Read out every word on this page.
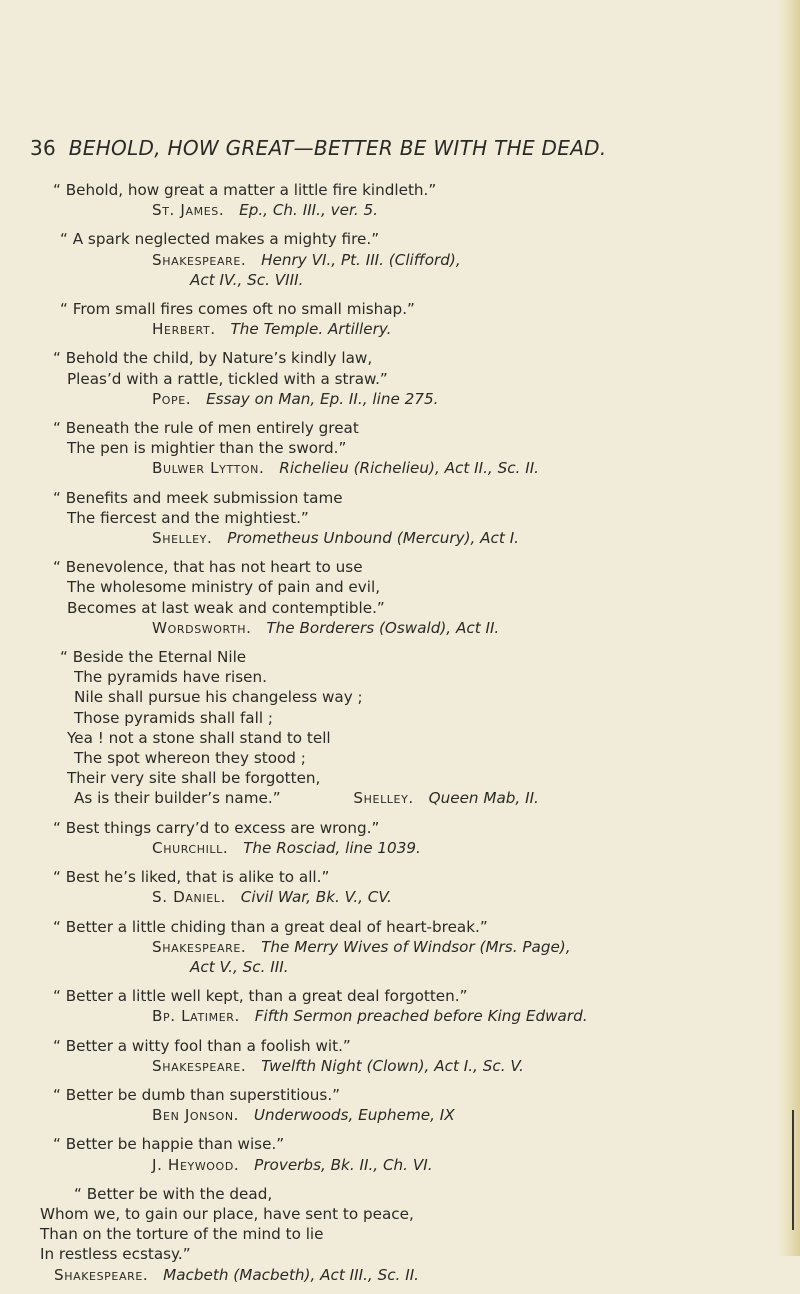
36 BEHOLD, HOW GREAT—BETTER BE WITH THE DEAD.
“ Behold, how great a matter a little fire kindleth.”
St. James. Ep., Ch. III., ver. 5.
“ A spark neglected makes a mighty fire.”
Shakespeare. Henry VI., Pt. III. (Clifford),
Act IV., Sc. VIII.
“ From small fires comes oft no small mishap.”
Herbert. The Temple. Artillery.
“ Behold the child, by Nature’s kindly law,
Pleas’d with a rattle, tickled with a straw.”
Pope. Essay on Man, Ep. II., line 275.
“ Beneath the rule of men entirely great
The pen is mightier than the sword.”
Bulwer Lytton. Richelieu (Richelieu), Act II., Sc. II.
“ Benefits and meek submission tame
The fiercest and the mightiest.”
Shelley. Prometheus Unbound (Mercury), Act I.
“ Benevolence, that has not heart to use
The wholesome ministry of pain and evil,
Becomes at last weak and contemptible.”
Wordsworth. The Borderers (Oswald), Act II.
“ Beside the Eternal Nile
The pyramids have risen.
Nile shall pursue his changeless way ;
Those pyramids shall fall ;
Yea ! not a stone shall stand to tell
The spot whereon they stood ;
Their very site shall be forgotten,
As is their builder’s name.”	Shelley. Queen Mab, II.
“ Best things carry’d to excess are wrong.”
Churchill. The Rosciad, line 1039.
“ Best he’s liked, that is alike to all.”
S. Daniel. Civil War, Bk. V., CV.
“ Better a little chiding than a great deal of heart-break.”
Shakespeare. The Merry Wives of Windsor (Mrs. Page),
Act V., Sc. III.
“ Better a little well kept, than a great deal forgotten.”
Bp. Latimer. Fifth Sermon preached before King Edward.
“ Better a witty fool than a foolish wit.”
Shakespeare. Twelfth Night (Clown), Act I., Sc. V.
“ Better be dumb than superstitious.”
Ben Jonson. Underwoods, Eupheme, IX
“ Better be happie than wise.”
J. Heywood. Proverbs, Bk. II., Ch. VI.
“ Better be with the dead,
Whom we, to gain our place, have sent to peace,
Than on the torture of the mind to lie
In restless ecstasy.”
Shakespeare. Macbeth (Macbeth), Act III., Sc. II.
